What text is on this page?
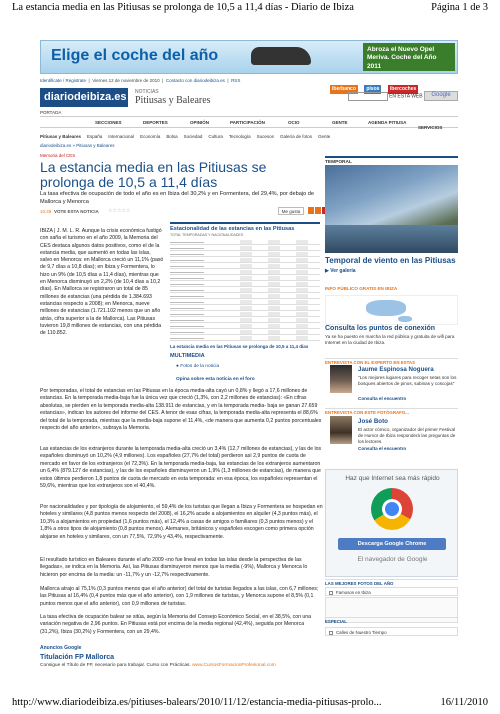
La estancia media en las Pitiusas se prolonga de 10,5 a 11,4 días - Diario de Ibiza	Página 1 de 3
Elige el coche del año	Abroza el Nuevo Opel Meriva. Coche del Año 2011
Identificate / Registrate  |  Viernes 12 de noviembre de 2010  |  Contacto con diariodeibiza.es  |  RSS
iberbanco pisos ibercoches
diariodeibiza.es NOTICIAS
Pitiusas y Baleares	EN ESTA WEB Google
PORTADA
SECCIONES	DEPORTES	OPINIÓN	PARTICIPACIÓN	OCIO	GENTE	AGENDA PITIUSA
SERVICIOS
Pitiusas y Baleares España Internacional Economía Bolsa Sociedad Cultura Tecnología Sucesos Galería de fotos Gente
diariodeibiza.es » Pitiusas y Baleares
Memoria del CES
La estancia media en las Pitiusas se prolonga de 10,5 a 11,4 días
La tasa efectiva de ocupación de todo el año es en Ibiza del 30,2% y en Formentera, del 29,4%, por debajo de Mallorca y Menorca
10:49 VOTE ESTA NOTICIA ☆☆☆☆☆	Me gusta
IBIZA | J. M. L. R. Aunque la crisis económica fustigó con saña el turismo en el año 2009, la Memoria del CES destaca algunos datos positivos, como el de la estancia media, que aumentó en todas las islas, salvo en Menorca: en Mallorca creció un 11,1% (pasó de 9,7 días a 10,8 días); en Ibiza y Formentera, lo hizo un 9% (de 10,5 días a 11,4 días), mientras que en Menorca disminuyó un 2,2% (de 10,4 días a 10,2 días). En Mallorca se registraron un total de 85 millones de estancias (una pérdida de 1.384.693 estancias respecto a 2008); en Menorca, nueve millones de estancias (1.721.102 menos que un año atrás, cifra superior a la de Mallorca). Las Pitiusas tuvieron 19,8 millones de estancias, con una pérdida de 110.852.
Estacionalidad de las estancias en las Pitiusas
TOTAL TEMPORADAS Y NACIONALIDADES
La estancia media en las Pitiusas se prolonga de 10,5 a 11,4 días
MULTIMEDIA
● Fotos de la noticia
Opina sobre esta noticia en el foro
Por temporadas, el total de estancias en las Pitiusas en la época media-alta cayó un 0,8% y llegó a 17,6 millones de estancias. En la temporada media-baja fue la única vez que creció (1,3%, con 2,2 millones de estancias): «En cifras absolutas, se pierden en la temporada media-alta 138.911 de estancias, y en la temporada media- baja se ganan 27.659 estancias», indican los autores del informe del CES. A tenor de esas cifras, la temporada media-alta representa el 88,6% del total de la temporada, mientras que la media-baja supone el 11,4%, «de manera que aumenta 0,2 puntos porcentuales respecto del año anterior», subraya la Memoria.
Las estancias de los extranjeros durante la temporada media-alta creció un 3,4% (12,7 millones de estancias), y las de los españoles disminuyó un 10,2% (4,9 millones). Los españoles (27,7% del total) perdieron así 2,9 puntos de cuota de mercado en favor de los extranjeros (el 72,3%). En la temporada media-baja, las estancias de los extranjeros aumentaron un 6,4% (879.127 de estancias), y las de los españoles disminuyeron un 1,9% (1,3 millones de estancias), de manera que estos últimos perdieron 1,8 puntos de cuota de mercado en esta temporada: en esa época, los españoles representan el 59,6%, mientras que los extranjeros son el 40,4%.
Por nacionalidades y por tipología de alojamiento, el 59,4% de los turistas que llegan a Ibiza y Formentera se hospedan en hoteles y similares (4,8 puntos menos respecto del 2008), el 16,2% acude a alojamientos en alquiler (4,3 puntos más), el 10,3% a alojamientos en propiedad (1,6 puntos más), el 12,4% a casas de amigos o familiares (0,3 puntos menos) y el 1,8% a otros tipos de alojamiento (0,8 puntos menos). Alemanes, británicos y españoles escogen como primera opción alojarse en hoteles y similares, con un 77,5%, 72,9% y 43,4%, respectivamente.
El resultado turístico en Baleares durante el año 2009 «no fue lineal en todas las islas desde la perspectiva de las llegadas», se indica en la Memoria. Así, las Pitiusas disminuyeron menos que la media (-9%), Mallorca y Menorca lo hicieron por encima de la media: un -11,7% y un -12,7% respectivamente.
Mallorca atrajo al 75,1% (0,3 puntos menos que el año anterior) del total de turistas llegados a las islas, con 6,7 millones; las Pitiusas al 16,4% (0,4 puntos más que el año anterior), con 1,9 millones de turistas, y Menorca supone el 8,5% (0,1 puntos menos que el año anterior), con 0,9 millones de turistas.
La tasa efectiva de ocupación balear se sitúa, según la Memoria del Consejo Económico Social, en el 38,5%, con una variación negativa de 2,96 puntos. En Pitiusas está por encima de la media regional (42,4%), seguida por Menorca (31,2%), Ibiza (30,2%) y Formentera, con un 29,4%.
Anuncios Google
Titulación FP Mallorca
Consigue el Título de FP, necesario para trabajar. Curso con Prácticas. www.CursosFormacionProfesional.com
TEMPORAL
Temporal de viento en las Pitiusas
▶ Ver galería
INFO PÚBLICO GRATIS EN IBIZA
Consulta los puntos de conexión
Ya se ha puesto en marcha la red pública y gratuita de wifi para Internet en la ciudad de Ibiza.
ENTREVISTA CON EL EXPERTO EN ESTAS
Jaume Espinosa Noguera
"Los mejores lugares para recoger setas son los bosques abiertos de pinos, sabinas y coscojas"
Consulta el encuentro
ENTREVISTA CON ESTE FOTÓGRAFO...
José Boto
El actor cómico, organizador del primer Festival de Humor de Ibiza responderá las preguntas de los lectores.
Consulta el encuentro
Haz que Internet sea más rápido
Descarga Google Chrome
El navegador de Google
LAS MEJORES FOTOS DEL AÑO
Famosos en Ibiza
ESPECIAL
Calles de Nuestro Tiempo
http://www.diariodeibiza.es/pitiuses-balears/2010/11/12/estancia-media-pitiusas-prolo...	16/11/2010
